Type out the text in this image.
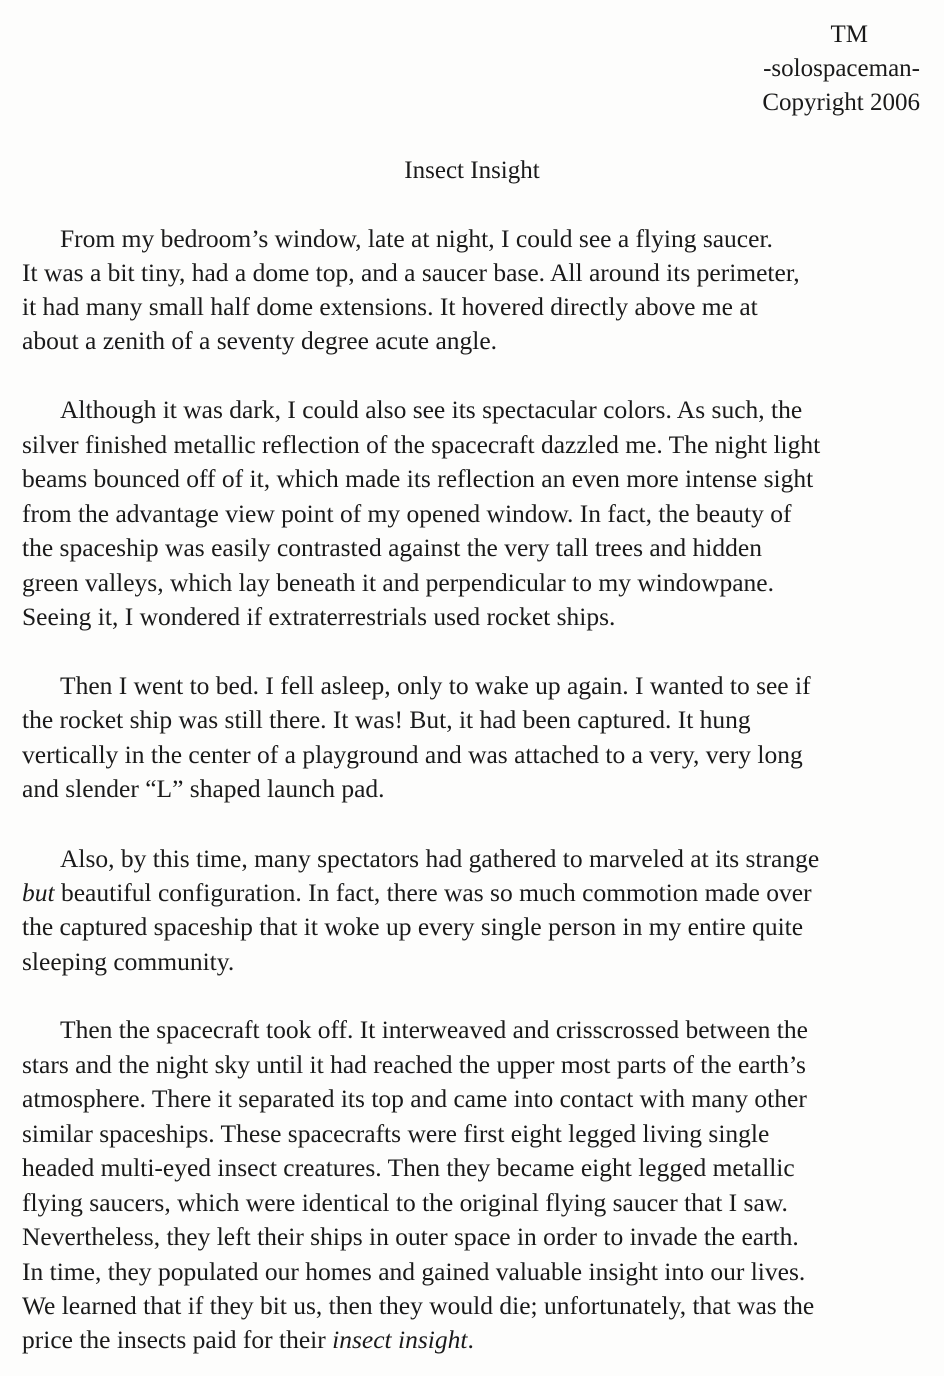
TM
-solospaceman-
Copyright 2006
Insect Insight
From my bedroom’s window, late at night, I could see a flying saucer.
It was a bit tiny, had a dome top, and a saucer base. All around its perimeter,
it had many small half dome extensions. It hovered directly above me at
about a zenith of a seventy degree acute angle.
Although it was dark, I could also see its spectacular colors. As such, the
silver finished metallic reflection of the spacecraft dazzled me. The night light
beams bounced off of it, which made its reflection an even more intense sight
from the advantage view point of my opened window. In fact, the beauty of
the spaceship was easily contrasted against the very tall trees and hidden
green valleys, which lay beneath it and perpendicular to my windowpane.
Seeing it, I wondered if extraterrestrials used rocket ships.
Then I went to bed. I fell asleep, only to wake up again. I wanted to see if
the rocket ship was still there. It was! But, it had been captured. It hung
vertically in the center of a playground and was attached to a very, very long
and slender “L” shaped launch pad.
Also, by this time, many spectators had gathered to marveled at its strange
but beautiful configuration. In fact, there was so much commotion made over
the captured spaceship that it woke up every single person in my entire quite
sleeping community.
Then the spacecraft took off. It interweaved and crisscrossed between the
stars and the night sky until it had reached the upper most parts of the earth’s
atmosphere. There it separated its top and came into contact with many other
similar spaceships. These spacecrafts were first eight legged living single
headed multi-eyed insect creatures. Then they became eight legged metallic
flying saucers, which were identical to the original flying saucer that I saw.
Nevertheless, they left their ships in outer space in order to invade the earth.
In time, they populated our homes and gained valuable insight into our lives.
We learned that if they bit us, then they would die; unfortunately, that was the
price the insects paid for their insect insight.
